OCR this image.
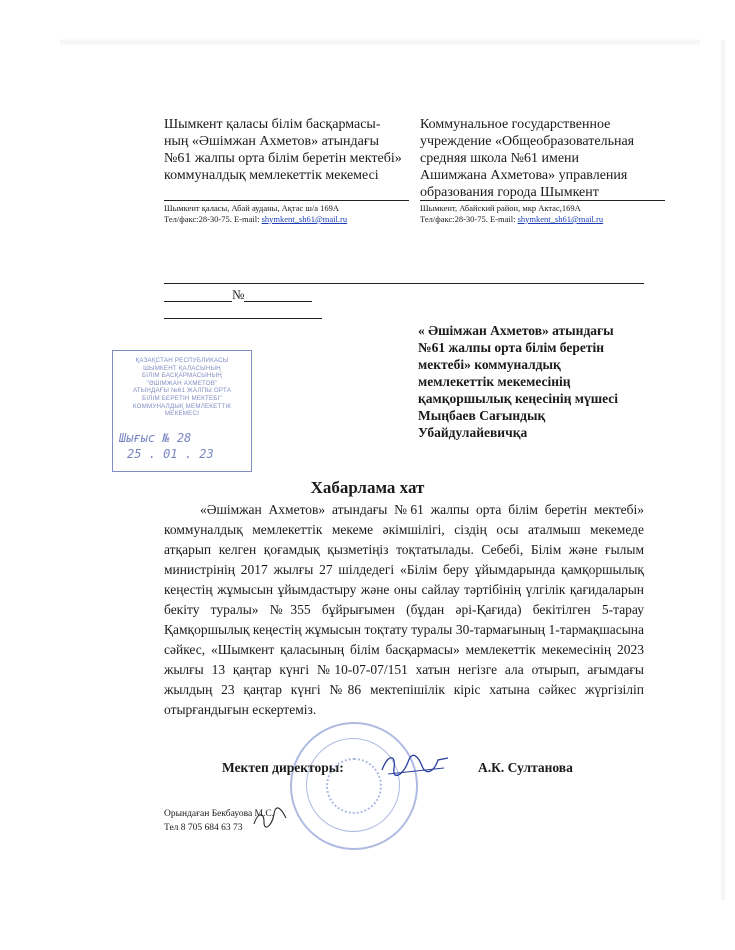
Шымкент қаласы білім басқармасы-
ның «Әшімжан Ахметов» атындағы
№61 жалпы орта білім беретін мектебі»
коммуналдық мемлекеттік мекемесі
Коммунальное государственное
учреждение «Общеобразовательная
средняя школа №61 имени
Ашимжана Ахметова» управления
образования города Шымкент
Шымкент қаласы, Абай ауданы, Ақтас ш/а 169А
Тел/факс:28-30-75. E-mail: shymkent_sh61@mail.ru
Шымкент, Абайский район, мкр Актас,169А
Тел/факс:28-30-75. E-mail: shymkent_sh61@mail.ru
№
ҚАЗАҚСТАН РЕСПУБЛИКАСЫ
ШЫМКЕНТ ҚАЛАСЫНЫҢ
БІЛІМ БАСҚАРМАСЫНЫҢ
"ӘШІМЖАН АХМЕТОВ"
АТЫНДАҒЫ №61 ЖАЛПЫ ОРТА
БІЛІМ БЕРЕТІН МЕКТЕБІ"
КОММУНАЛДЫҚ МЕМЛЕКЕТТІК
МЕКЕМЕСІ
Шығыс № 28
25 . 01 . 23
« Әшімжан Ахметов» атындағы
№61 жалпы орта білім беретін
мектебі» коммуналдық
мемлекеттік мекемесінің
қамқоршылық кеңесінің мүшесі
Мыңбаев Сағындық
Убайдулайевичқа
Хабарлама хат

«Әшімжан Ахметов» атындағы №61 жалпы орта білім беретін мектебі» коммуналдық мемлекеттік мекеме әкімшілігі, сіздің осы аталмыш мекемеде атқарып келген қоғамдық қызметіңіз тоқтатылады. Себебі, Білім және ғылым министрінің 2017 жылғы 27 шілдедегі «Білім беру ұйымдарында қамқоршылық кеңестің жұмысын ұйымдастыру және оны сайлау тәртібінің үлгілік қағидаларын бекіту туралы» №355 бұйрығымен (бұдан әрі-Қағида) бекітілген 5-тарау Қамқоршылық кеңестің жұмысын тоқтату туралы 30-тармағының 1-тармақшасына сәйкес, «Шымкент қаласының білім басқармасы» мемлекеттік мекемесінің 2023 жылғы 13 қаңтар күнгі №10-07-07/151 хатын негізге ала отырып, ағымдағы жылдың 23 қаңтар күнгі №86 мектепішілік кіріс хатына сәйкес жүргізіліп отырғандығын ескертеміз.

Мектеп директоры:	А.К. Султанова
Орындаған Бекбауова М.С.
Тел 8 705 684 63 73
